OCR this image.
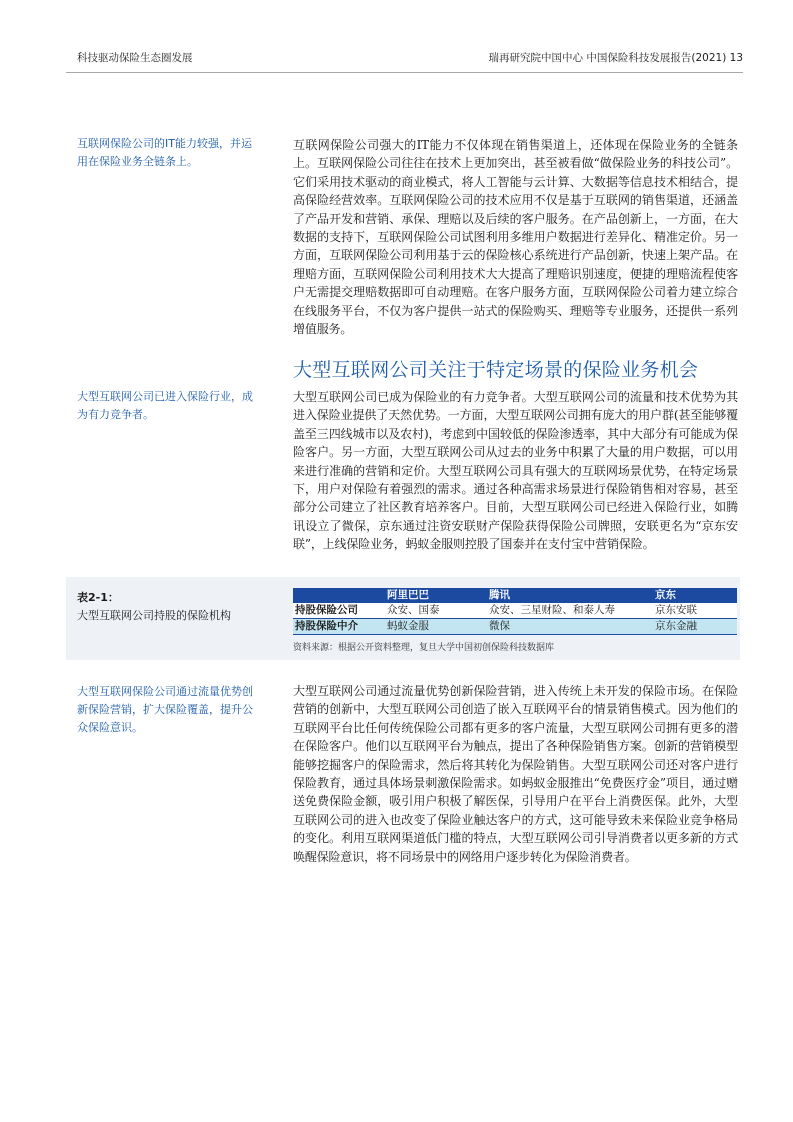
科技驱动保险生态圈发展	瑞再研究院中国中心 中国保险科技发展报告(2021) 13
互联网保险公司的IT能力较强，并运用在保险业务全链条上。

互联网保险公司强大的IT能力不仅体现在销售渠道上，还体现在保险业务的全链条上。互联网保险公司往往在技术上更加突出，甚至被看做“做保险业务的科技公司”。它们采用技术驱动的商业模式，将人工智能与云计算、大数据等信息技术相结合，提高保险经营效率。互联网保险公司的技术应用不仅是基于互联网的销售渠道，还涵盖了产品开发和营销、承保、理赔以及后续的客户服务。在产品创新上，一方面，在大数据的支持下，互联网保险公司试图利用多维用户数据进行差异化、精准定价。另一方面，互联网保险公司利用基于云的保险核心系统进行产品创新，快速上架产品。在理赔方面，互联网保险公司利用技术大大提高了理赔识别速度，便捷的理赔流程使客户无需提交理赔数据即可自动理赔。在客户服务方面，互联网保险公司着力建立综合在线服务平台，不仅为客户提供一站式的保险购买、理赔等专业服务，还提供一系列增值服务。

大型互联网公司关注于特定场景的保险业务机会
大型互联网公司已进入保险行业，成为有力竞争者。

大型互联网公司已成为保险业的有力竞争者。大型互联网公司的流量和技术优势为其进入保险业提供了天然优势。一方面，大型互联网公司拥有庞大的用户群(甚至能够覆盖至三四线城市以及农村)，考虑到中国较低的保险渗透率，其中大部分有可能成为保险客户。另一方面，大型互联网公司从过去的业务中积累了大量的用户数据，可以用来进行准确的营销和定价。大型互联网公司具有强大的互联网场景优势，在特定场景下，用户对保险有着强烈的需求。通过各种高需求场景进行保险销售相对容易，甚至部分公司建立了社区教育培养客户。目前，大型互联网公司已经进入保险行业，如腾讯设立了微保，京东通过注资安联财产保险获得保险公司牌照，安联更名为“京东安联”，上线保险业务，蚂蚁金服则控股了国泰并在支付宝中营销保险。

表2-1：
大型互联网公司持股的保险机构
	阿里巴巴	腾讯	京东
持股保险公司	众安、国泰	众安、三星财险、和泰人寿	京东安联
持股保险中介	蚂蚁金服	微保	京东金融
资料来源：根据公开资料整理，复旦大学中国初创保险科技数据库
大型互联网保险公司通过流量优势创新保险营销，扩大保险覆盖，提升公众保险意识。

大型互联网公司通过流量优势创新保险营销，进入传统上未开发的保险市场。在保险营销的创新中，大型互联网公司创造了嵌入互联网平台的情景销售模式。因为他们的互联网平台比任何传统保险公司都有更多的客户流量，大型互联网公司拥有更多的潜在保险客户。他们以互联网平台为触点，提出了各种保险销售方案。创新的营销模型能够挖掘客户的保险需求，然后将其转化为保险销售。大型互联网公司还对客户进行保险教育，通过具体场景刺激保险需求。如蚂蚁金服推出“免费医疗金”项目，通过赠送免费保险金额，吸引用户积极了解医保，引导用户在平台上消费医保。此外，大型互联网公司的进入也改变了保险业触达客户的方式，这可能导致未来保险业竞争格局的变化。利用互联网渠道低门槛的特点，大型互联网公司引导消费者以更多新的方式唤醒保险意识，将不同场景中的网络用户逐步转化为保险消费者。
